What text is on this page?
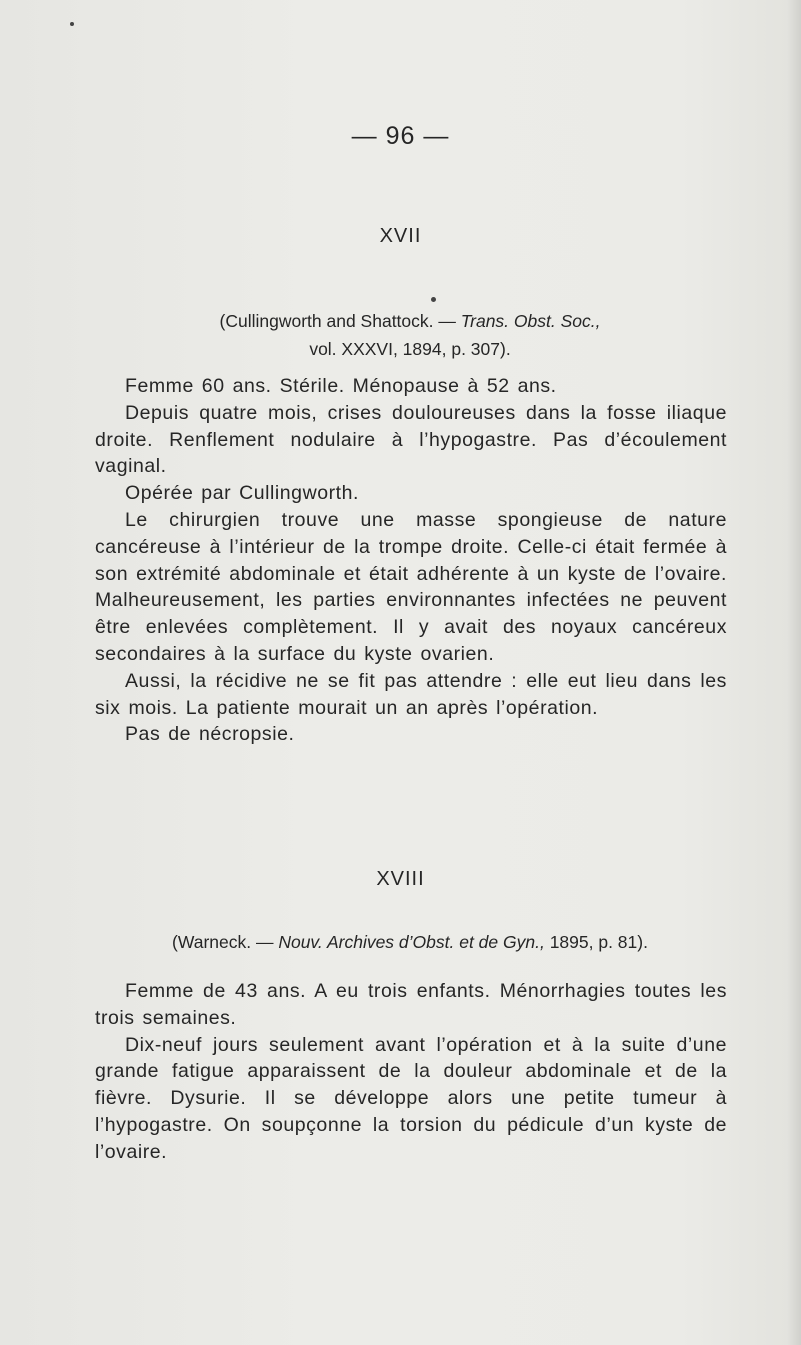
— 96 —
XVII
(Cullingworth and Shattock. — Trans. Obst. Soc.,
vol. XXXVI, 1894, p. 307).

Femme 60 ans. Stérile. Ménopause à 52 ans.

Depuis quatre mois, crises douloureuses dans la fosse iliaque droite. Renflement nodulaire à l’hypogastre. Pas d’écoulement vaginal.

Opérée par Cullingworth.

Le chirurgien trouve une masse spongieuse de nature cancéreuse à l’intérieur de la trompe droite. Celle-ci était fermée à son extrémité abdominale et était adhérente à un kyste de l’ovaire. Malheureusement, les parties environnantes infectées ne peuvent être enlevées complètement. Il y avait des noyaux cancéreux secondaires à la surface du kyste ovarien.

Aussi, la récidive ne se fit pas attendre : elle eut lieu dans les six mois. La patiente mourait un an après l’opération.

Pas de nécropsie.

XVIII
(Warneck. — Nouv. Archives d’Obst. et de Gyn., 1895, p. 81).

Femme de 43 ans. A eu trois enfants. Ménorrhagies toutes les trois semaines.

Dix-neuf jours seulement avant l’opération et à la suite d’une grande fatigue apparaissent de la douleur abdominale et de la fièvre. Dysurie. Il se développe alors une petite tumeur à l’hypogastre. On soupçonne la torsion du pédicule d’un kyste de l’ovaire.
